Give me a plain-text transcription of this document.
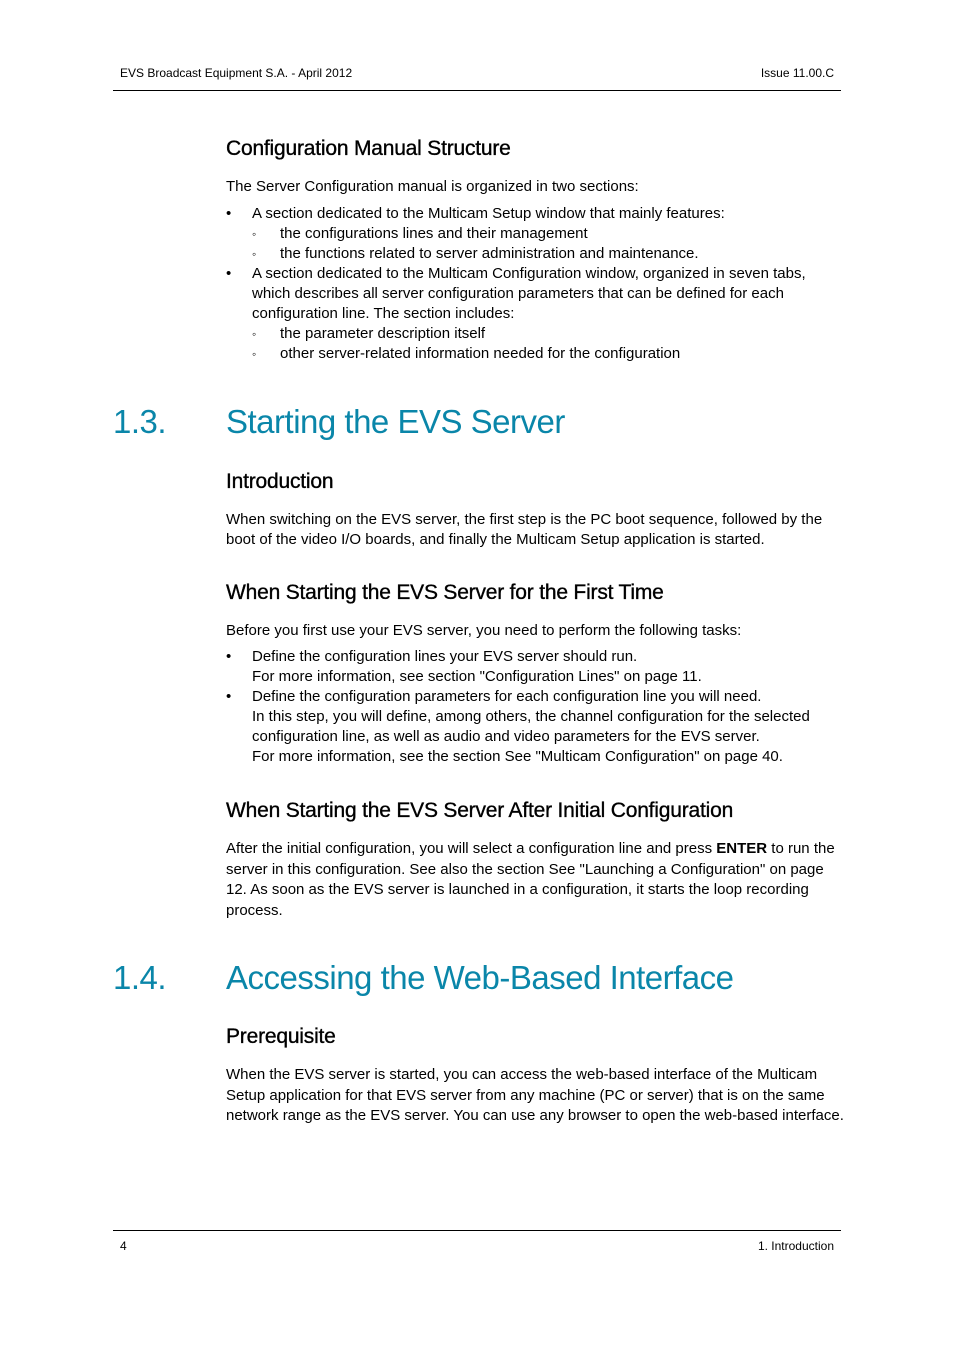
EVS Broadcast Equipment S.A. - April 2012	Issue 11.00.C
Configuration Manual Structure

The Server Configuration manual is organized in two sections:

• A section dedicated to the Multicam Setup window that mainly features:
◦ the configurations lines and their management
◦ the functions related to server administration and maintenance.
• A section dedicated to the Multicam Configuration window, organized in seven tabs, which describes all server configuration parameters that can be defined for each configuration line. The section includes:
◦ the parameter description itself
◦ other server-related information needed for the configuration
1.3. Starting the EVS Server
Introduction

When switching on the EVS server, the first step is the PC boot sequence, followed by the boot of the video I/O boards, and finally the Multicam Setup application is started.

When Starting the EVS Server for the First Time

Before you first use your EVS server, you need to perform the following tasks:

• Define the configuration lines your EVS server should run.
For more information, see section "Configuration Lines" on page 11.
• Define the configuration parameters for each configuration line you will need.
In this step, you will define, among others, the channel configuration for the selected configuration line, as well as audio and video parameters for the EVS server.
For more information, see the section See "Multicam Configuration" on page 40.
When Starting the EVS Server After Initial Configuration

After the initial configuration, you will select a configuration line and press ENTER to run the server in this configuration. See also the section See "Launching a Configuration" on page 12. As soon as the EVS server is launched in a configuration, it starts the loop recording process.

1.4. Accessing the Web-Based Interface
Prerequisite

When the EVS server is started, you can access the web-based interface of the Multicam Setup application for that EVS server from any machine (PC or server) that is on the same network range as the EVS server. You can use any browser to open the web-based interface.

4	1. Introduction
